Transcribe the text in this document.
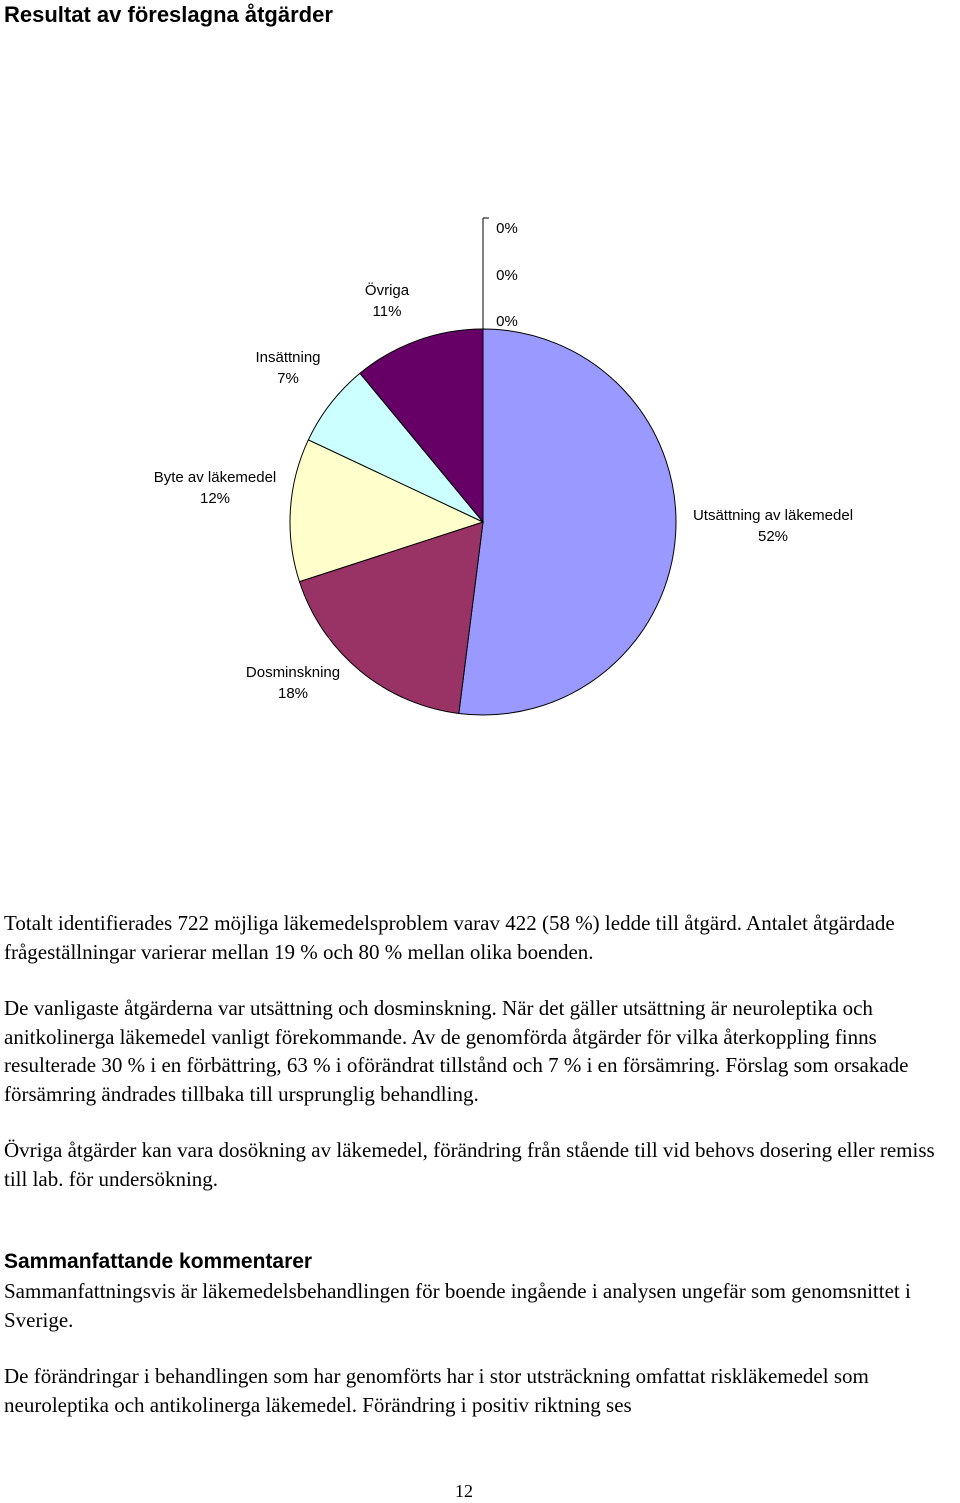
Resultat av föreslagna åtgärder
Utsättning av läkemedel 52%
Dosminskning 18%
Byte av läkemedel 12%
Insättning 7%
Övriga 11%
0%
0%
0%

Totalt identifierades 722 möjliga läkemedelsproblem varav 422 (58 %) ledde till åtgärd. Antalet åtgärdade frågeställningar varierar mellan 19 % och 80 % mellan olika boenden.

De vanligaste åtgärderna var utsättning och dosminskning. När det gäller utsättning är neuroleptika och anitkolinerga läkemedel vanligt förekommande. Av de genomförda åtgärder för vilka återkoppling finns resulterade 30 % i en förbättring, 63 % i oförändrat tillstånd och 7 % i en försämring. Förslag som orsakade försämring ändrades tillbaka till ursprunglig behandling.

Övriga åtgärder kan vara dosökning av läkemedel, förändring från stående till vid behovs dosering eller remiss till lab. för undersökning.

Sammanfattande kommentarer

Sammanfattningsvis är läkemedelsbehandlingen för boende ingående i analysen ungefär som genomsnittet i Sverige.

De förändringar i behandlingen som har genomförts har i stor utsträckning omfattat riskläkemedel som neuroleptika och antikolinerga läkemedel. Förändring i positiv riktning ses

12
